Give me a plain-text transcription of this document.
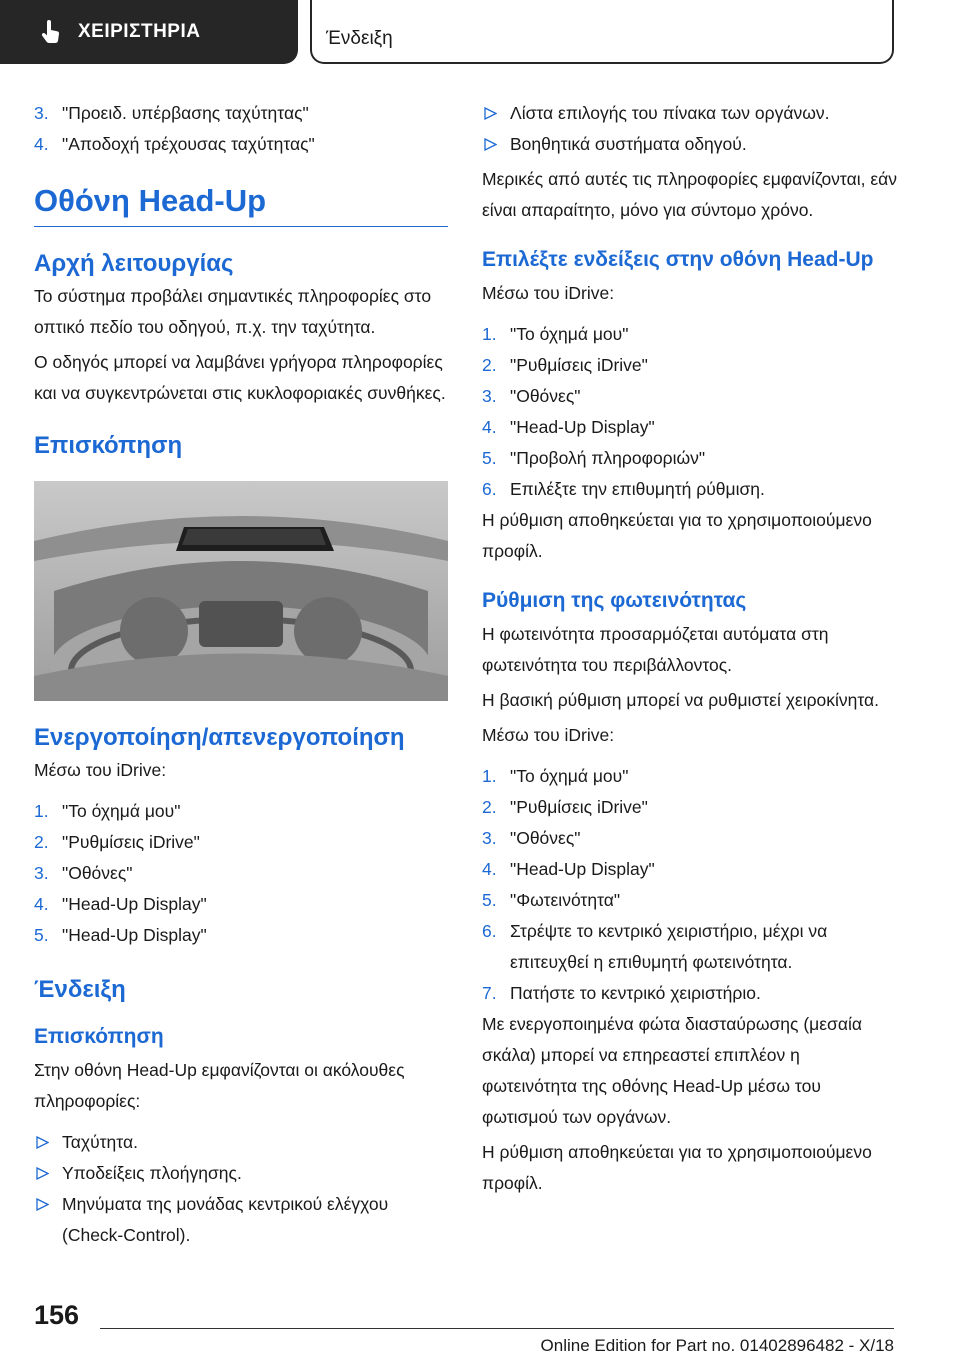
ΧΕΙΡΙΣΤΗΡΙΑ	Ένδειξη
3. "Προειδ. υπέρβασης ταχύτητας"
4. "Αποδοχή τρέχουσας ταχύτητας"
Οθόνη Head-Up
Αρχή λειτουργίας
Το σύστημα προβάλει σημαντικές πληροφορίες στο οπτικό πεδίο του οδηγού, π.χ. την ταχύτητα.
Ο οδηγός μπορεί να λαμβάνει γρήγορα πληροφορίες και να συγκεντρώνεται στις κυκλοφοριακές συνθήκες.
Επισκόπηση
Ενεργοποίηση/απενεργοποίηση
Μέσω του iDrive:
1. "Το όχημά μου"
2. "Ρυθμίσεις iDrive"
3. "Οθόνες"
4. "Head-Up Display"
5. "Head-Up Display"
Ένδειξη
Επισκόπηση
Στην οθόνη Head-Up εμφανίζονται οι ακόλουθες πληροφορίες:
Ταχύτητα.
Υποδείξεις πλοήγησης.
Μηνύματα της μονάδας κεντρικού ελέγχου (Check-Control).
Λίστα επιλογής του πίνακα των οργάνων.
Βοηθητικά συστήματα οδηγού.
Μερικές από αυτές τις πληροφορίες εμφανίζονται, εάν είναι απαραίτητο, μόνο για σύντομο χρόνο.
Επιλέξτε ενδείξεις στην οθόνη Head-Up
Μέσω του iDrive:
1. "Το όχημά μου"
2. "Ρυθμίσεις iDrive"
3. "Οθόνες"
4. "Head-Up Display"
5. "Προβολή πληροφοριών"
6. Επιλέξτε την επιθυμητή ρύθμιση.
Η ρύθμιση αποθηκεύεται για το χρησιμοποιούμενο προφίλ.
Ρύθμιση της φωτεινότητας
Η φωτεινότητα προσαρμόζεται αυτόματα στη φωτεινότητα του περιβάλλοντος.
Η βασική ρύθμιση μπορεί να ρυθμιστεί χειροκίνητα.
Μέσω του iDrive:
1. "Το όχημά μου"
2. "Ρυθμίσεις iDrive"
3. "Οθόνες"
4. "Head-Up Display"
5. "Φωτεινότητα"
6. Στρέψτε το κεντρικό χειριστήριο, μέχρι να επιτευχθεί η επιθυμητή φωτεινότητα.
7. Πατήστε το κεντρικό χειριστήριο.
Με ενεργοποιημένα φώτα διασταύρωσης (μεσαία σκάλα) μπορεί να επηρεαστεί επιπλέον η φωτεινότητα της οθόνης Head-Up μέσω του φωτισμού των οργάνων.
Η ρύθμιση αποθηκεύεται για το χρησιμοποιούμενο προφίλ.
156
Online Edition for Part no. 01402896482 - X/18
